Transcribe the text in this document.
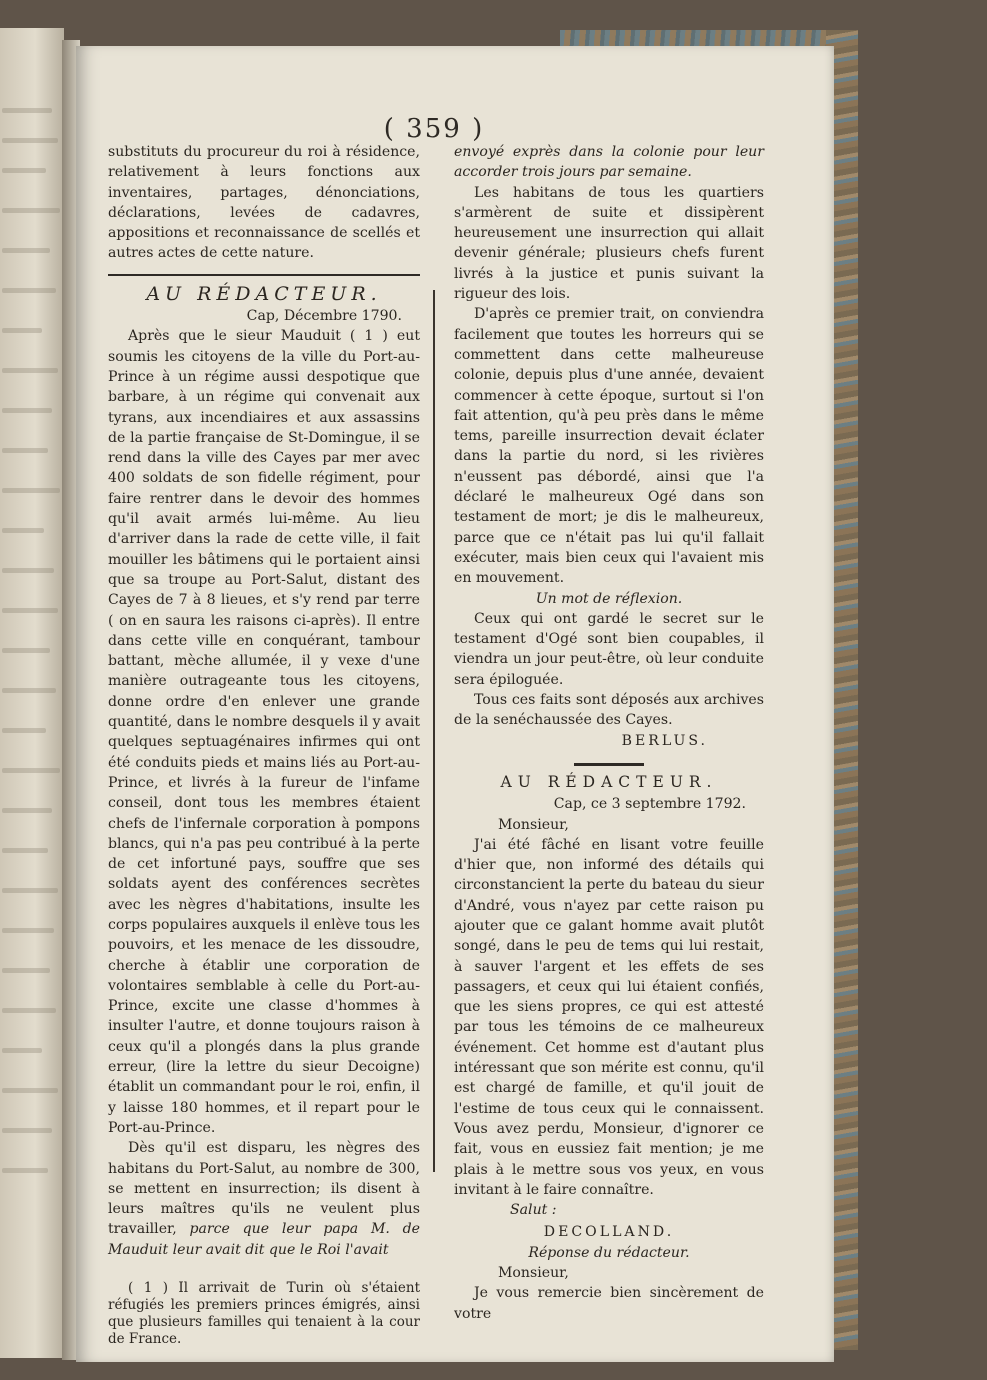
( 359 )

substituts du procureur du roi à résidence, relativement à leurs fonctions aux inventaires, partages, dénonciations, déclarations, levées de cadavres, appositions et reconnaissance de scellés et autres actes de cette nature.

AU RÉDACTEUR.
Cap, Décembre 1790.

Après que le sieur Mauduit ( 1 ) eut soumis les citoyens de la ville du Port-au-Prince à un régime aussi despotique que barbare, à un régime qui convenait aux tyrans, aux incendiaires et aux assassins de la partie française de St-Domingue, il se rend dans la ville des Cayes par mer avec 400 soldats de son fidelle régiment, pour faire rentrer dans le devoir des hommes qu'il avait armés lui-même. Au lieu d'arriver dans la rade de cette ville, il fait mouiller les bâtimens qui le portaient ainsi que sa troupe au Port-Salut, distant des Cayes de 7 à 8 lieues, et s'y rend par terre ( on en saura les raisons ci-après). Il entre dans cette ville en conquérant, tambour battant, mèche allumée, il y vexe d'une manière outrageante tous les citoyens, donne ordre d'en enlever une grande quantité, dans le nombre desquels il y avait quelques septuagénaires infirmes qui ont été conduits pieds et mains liés au Port-au-Prince, et livrés à la fureur de l'infame conseil, dont tous les membres étaient chefs de l'infernale corporation à pompons blancs, qui n'a pas peu contribué à la perte de cet infortuné pays, souffre que ses soldats ayent des conférences secrètes avec les nègres d'habitations, insulte les corps populaires auxquels il enlève tous les pouvoirs, et les menace de les dissoudre, cherche à établir une corporation de volontaires semblable à celle du Port-au-Prince, excite une classe d'hommes à insulter l'autre, et donne toujours raison à ceux qu'il a plongés dans la plus grande erreur, (lire la lettre du sieur Decoigne) établit un commandant pour le roi, enfin, il y laisse 180 hommes, et il repart pour le Port-au-Prince.

Dès qu'il est disparu, les nègres des habitans du Port-Salut, au nombre de 300, se mettent en insurrection; ils disent à leurs maîtres qu'ils ne veulent plus travailler, parce que leur papa M. de Mauduit leur avait dit que le Roi l'avait

( 1 ) Il arrivait de Turin où s'étaient réfugiés les premiers princes émigrés, ainsi que plusieurs familles qui tenaient à la cour de France.

envoyé exprès dans la colonie pour leur accorder trois jours par semaine.

Les habitans de tous les quartiers s'armèrent de suite et dissipèrent heureusement une insurrection qui allait devenir générale; plusieurs chefs furent livrés à la justice et punis suivant la rigueur des lois.

D'après ce premier trait, on conviendra facilement que toutes les horreurs qui se commettent dans cette malheureuse colonie, depuis plus d'une année, devaient commencer à cette époque, surtout si l'on fait attention, qu'à peu près dans le même tems, pareille insurrection devait éclater dans la partie du nord, si les rivières n'eussent pas débordé, ainsi que l'a déclaré le malheureux Ogé dans son testament de mort; je dis le malheureux, parce que ce n'était pas lui qu'il fallait exécuter, mais bien ceux qui l'avaient mis en mouvement.

Un mot de réflexion.

Ceux qui ont gardé le secret sur le testament d'Ogé sont bien coupables, il viendra un jour peut-être, où leur conduite sera épiloguée.

Tous ces faits sont déposés aux archives de la senéchaussée des Cayes.

BERLUS.
AU RÉDACTEUR.
Cap, ce 3 septembre 1792.
Monsieur,

J'ai été fâché en lisant votre feuille d'hier que, non informé des détails qui circonstancient la perte du bateau du sieur d'André, vous n'ayez par cette raison pu ajouter que ce galant homme avait plutôt songé, dans le peu de tems qui lui restait, à sauver l'argent et les effets de ses passagers, et ceux qui lui étaient confiés, que les siens propres, ce qui est attesté par tous les témoins de ce malheureux événement. Cet homme est d'autant plus intéressant que son mérite est connu, qu'il est chargé de famille, et qu'il jouit de l'estime de tous ceux qui le connaissent. Vous avez perdu, Monsieur, d'ignorer ce fait, vous en eussiez fait mention; je me plais à le mettre sous vos yeux, en vous invitant à le faire connaître.

Salut :
DECOLLAND.
Réponse du rédacteur.
Monsieur,

Je vous remercie bien sincèrement de votre
